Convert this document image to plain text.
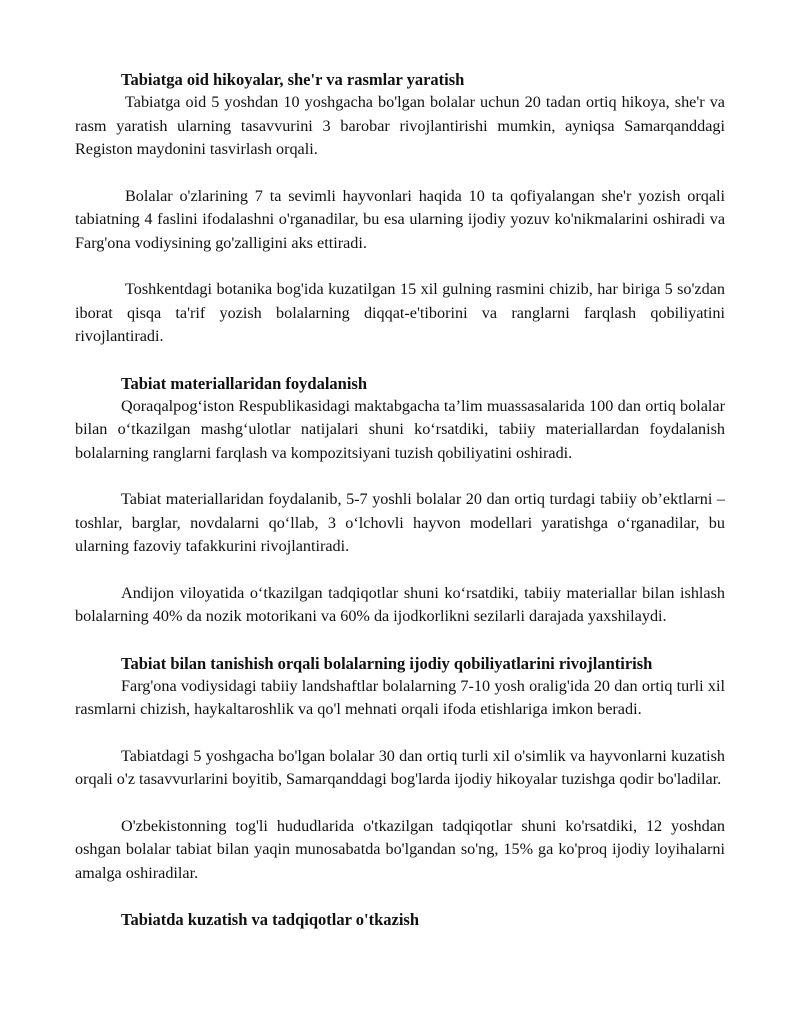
Tabiatga oid hikoyalar, she'r va rasmlar yaratish

Tabiatga oid 5 yoshdan 10 yoshgacha bo'lgan bolalar uchun 20 tadan ortiq hikoya, she'r va rasm yaratish ularning tasavvurini 3 barobar rivojlantirishi mumkin, ayniqsa Samarqanddagi Registon maydonini tasvirlash orqali.

Bolalar o'zlarining 7 ta sevimli hayvonlari haqida 10 ta qofiyalangan she'r yozish orqali tabiatning 4 faslini ifodalashni o'rganadilar, bu esa ularning ijodiy yozuv ko'nikmalarini oshiradi va Farg'ona vodiysining go'zalligini aks ettiradi.

Toshkentdagi botanika bog'ida kuzatilgan 15 xil gulning rasmini chizib, har biriga 5 so'zdan iborat qisqa ta'rif yozish bolalarning diqqat-e'tiborini va ranglarni farqlash qobiliyatini rivojlantiradi.

Tabiat materiallaridan foydalanish

Qoraqalpog‘iston Respublikasidagi maktabgacha ta’lim muassasalarida 100 dan ortiq bolalar bilan o‘tkazilgan mashg‘ulotlar natijalari shuni ko‘rsatdiki, tabiiy materiallardan foydalanish bolalarning ranglarni farqlash va kompozitsiyani tuzish qobiliyatini oshiradi.

Tabiat materiallaridan foydalanib, 5-7 yoshli bolalar 20 dan ortiq turdagi tabiiy ob’ektlarni –toshlar, barglar, novdalarni qo‘llab, 3 o‘lchovli hayvon modellari yaratishga o‘rganadilar, bu ularning fazoviy tafakkurini rivojlantiradi.

Andijon viloyatida o‘tkazilgan tadqiqotlar shuni ko‘rsatdiki, tabiiy materiallar bilan ishlash bolalarning 40% da nozik motorikani va 60% da ijodkorlikni sezilarli darajada yaxshilaydi.

Tabiat bilan tanishish orqali bolalarning ijodiy qobiliyatlarini rivojlantirish

Farg'ona vodiysidagi tabiiy landshaftlar bolalarning 7-10 yosh oralig'ida 20 dan ortiq turli xil rasmlarni chizish, haykaltaroshlik va qo'l mehnati orqali ifoda etishlariga imkon beradi.

Tabiatdagi 5 yoshgacha bo'lgan bolalar 30 dan ortiq turli xil o'simlik va hayvonlarni kuzatish orqali o'z tasavvurlarini boyitib, Samarqanddagi bog'larda ijodiy hikoyalar tuzishga qodir bo'ladilar.

O'zbekistonning tog'li hududlarida o'tkazilgan tadqiqotlar shuni ko'rsatdiki, 12 yoshdan oshgan bolalar tabiat bilan yaqin munosabatda bo'lgandan so'ng, 15% ga ko'proq ijodiy loyihalarni amalga oshiradilar.

Tabiatda kuzatish va tadqiqotlar o'tkazish
